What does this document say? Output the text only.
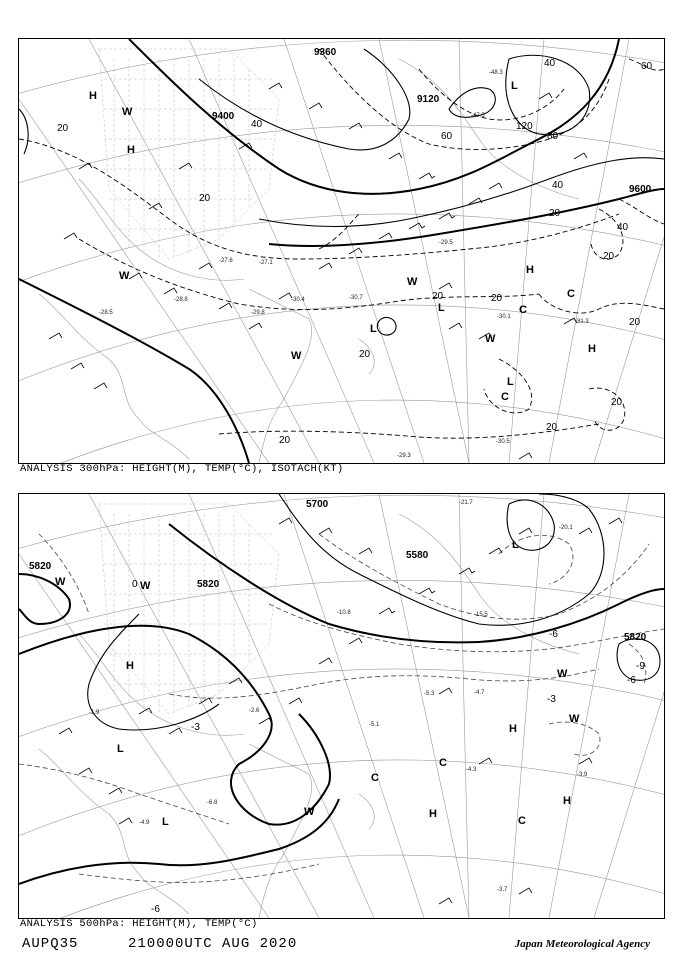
-30.1
-29.8
-27.6
-31.3
-30.5
-29.3
-30.7
-28.5
-27.1
-47.5
-48.3
-29.5
-30.4
-28.8
9360
9120
9400
9600
20
20
20
20
20
20
20
20
20
20
20
40
40
40
40
60
60	80
120
H
H
H
H
L
L
L
L
W
W	W
W
W
C
C
C
ANALYSIS 300hPa: HEIGHT(M), TEMP(°C), ISOTACH(KT)
-5.3	-4.7
-4.3
-3.9
-3.7
-4.9
-5.1
-20.1
-21.7
-15.5
-10.8
-6.8
-2.6
-1.9
5700
5820
5580
5820
5820
-9
-6
-3
-6
0
-3
-6
H
H
H
H
L
L
L
W	W
W
W
W
C
C
C
ANALYSIS 500hPa: HEIGHT(M), TEMP(°C)
AUPQ35	210000UTC AUG 2020	Japan Meteorological Agency
